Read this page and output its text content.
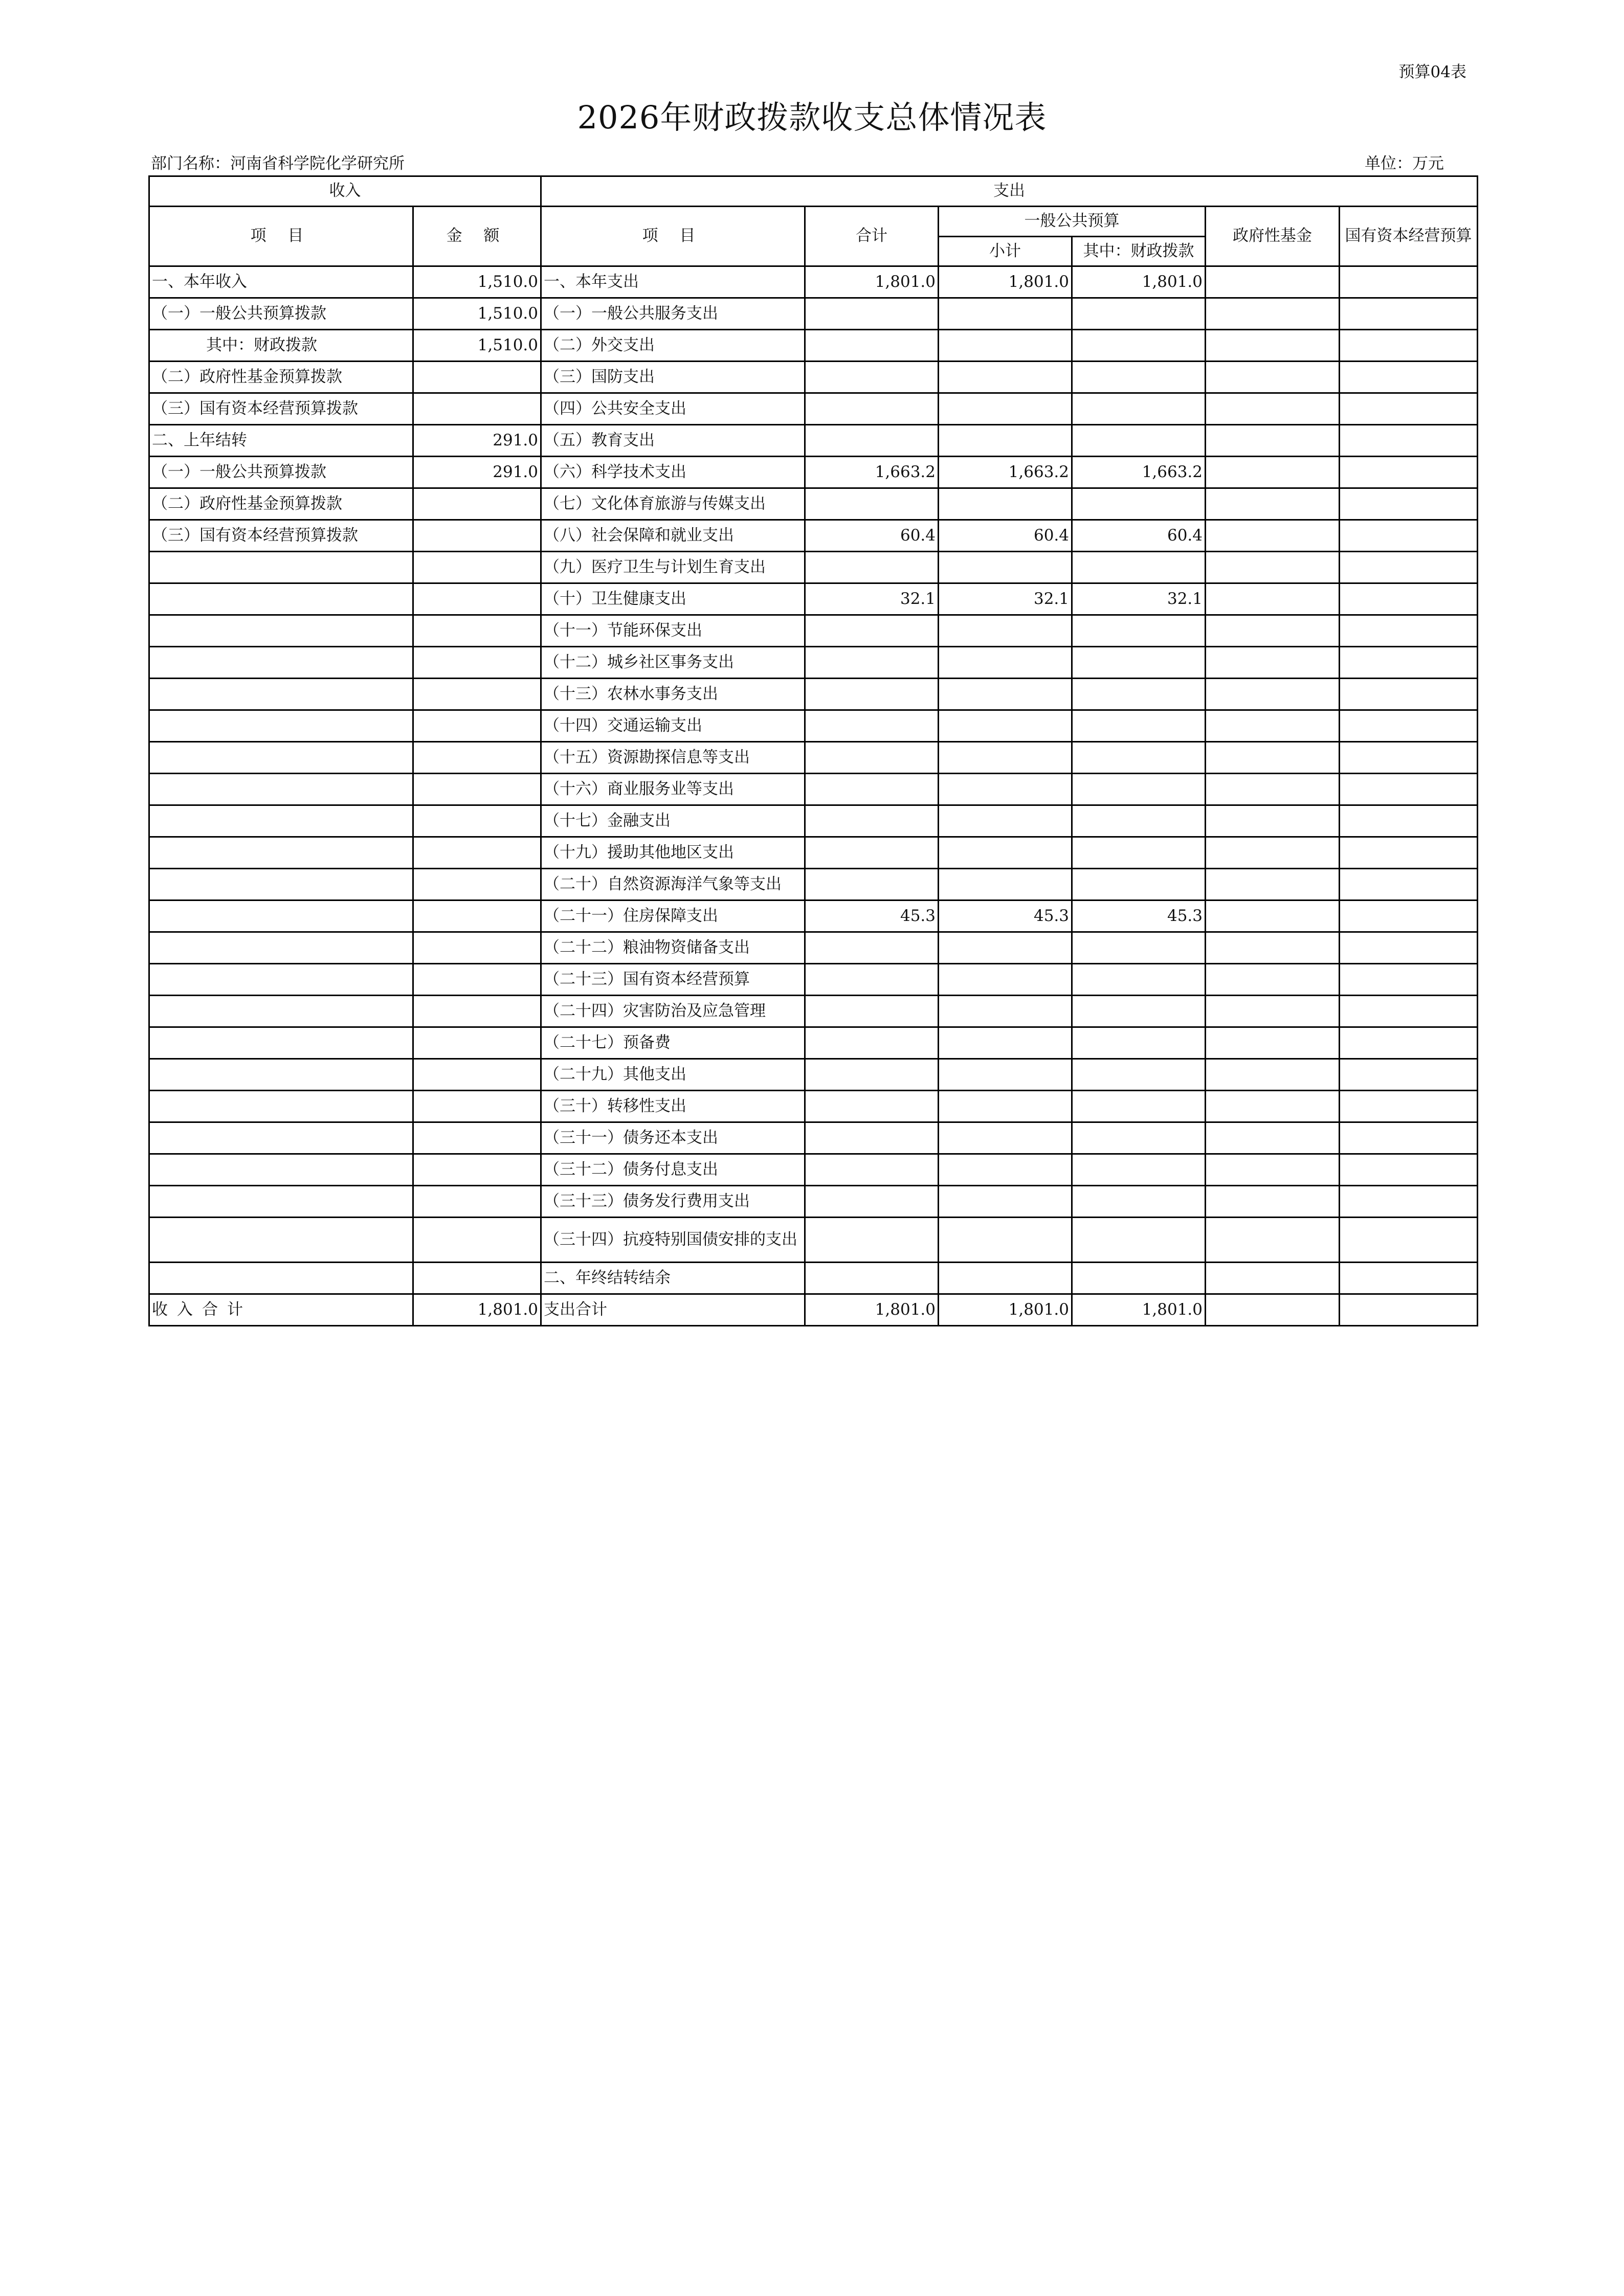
预算04表
2026年财政拨款收支总体情况表
部门名称：河南省科学院化学研究所	单位：万元
收入		支出					
项 目	金 额	项 目	合计	一般公共预算		政府性基金	国有资本经营预算
				小计	其中：财政拨款		
一、本年收入	1,510.0	一、本年支出	1,801.0	1,801.0	1,801.0		
（一）一般公共预算拨款	1,510.0	（一）一般公共服务支出					
其中：财政拨款	1,510.0	（二）外交支出					
（二）政府性基金预算拨款		（三）国防支出					
（三）国有资本经营预算拨款		（四）公共安全支出					
二、上年结转	291.0	（五）教育支出					
（一）一般公共预算拨款	291.0	（六）科学技术支出	1,663.2	1,663.2	1,663.2		
（二）政府性基金预算拨款		（七）文化体育旅游与传媒支出					
（三）国有资本经营预算拨款		（八）社会保障和就业支出	60.4	60.4	60.4		
		（九）医疗卫生与计划生育支出					
		（十）卫生健康支出	32.1	32.1	32.1		
		（十一）节能环保支出					
		（十二）城乡社区事务支出					
		（十三）农林水事务支出					
		（十四）交通运输支出					
		（十五）资源勘探信息等支出					
		（十六）商业服务业等支出					
		（十七）金融支出					
		（十九）援助其他地区支出					
		（二十）自然资源海洋气象等支出					
		（二十一）住房保障支出	45.3	45.3	45.3		
		（二十二）粮油物资储备支出					
		（二十三）国有资本经营预算					
		（二十四）灾害防治及应急管理					
		（二十七）预备费					
		（二十九）其他支出					
		（三十）转移性支出					
		（三十一）债务还本支出					
		（三十二）债务付息支出					
		（三十三）债务发行费用支出					
		（三十四）抗疫特别国债安排的支出					
		二、年终结转结余					
收入合计	1,801.0	支出合计	1,801.0	1,801.0	1,801.0		
